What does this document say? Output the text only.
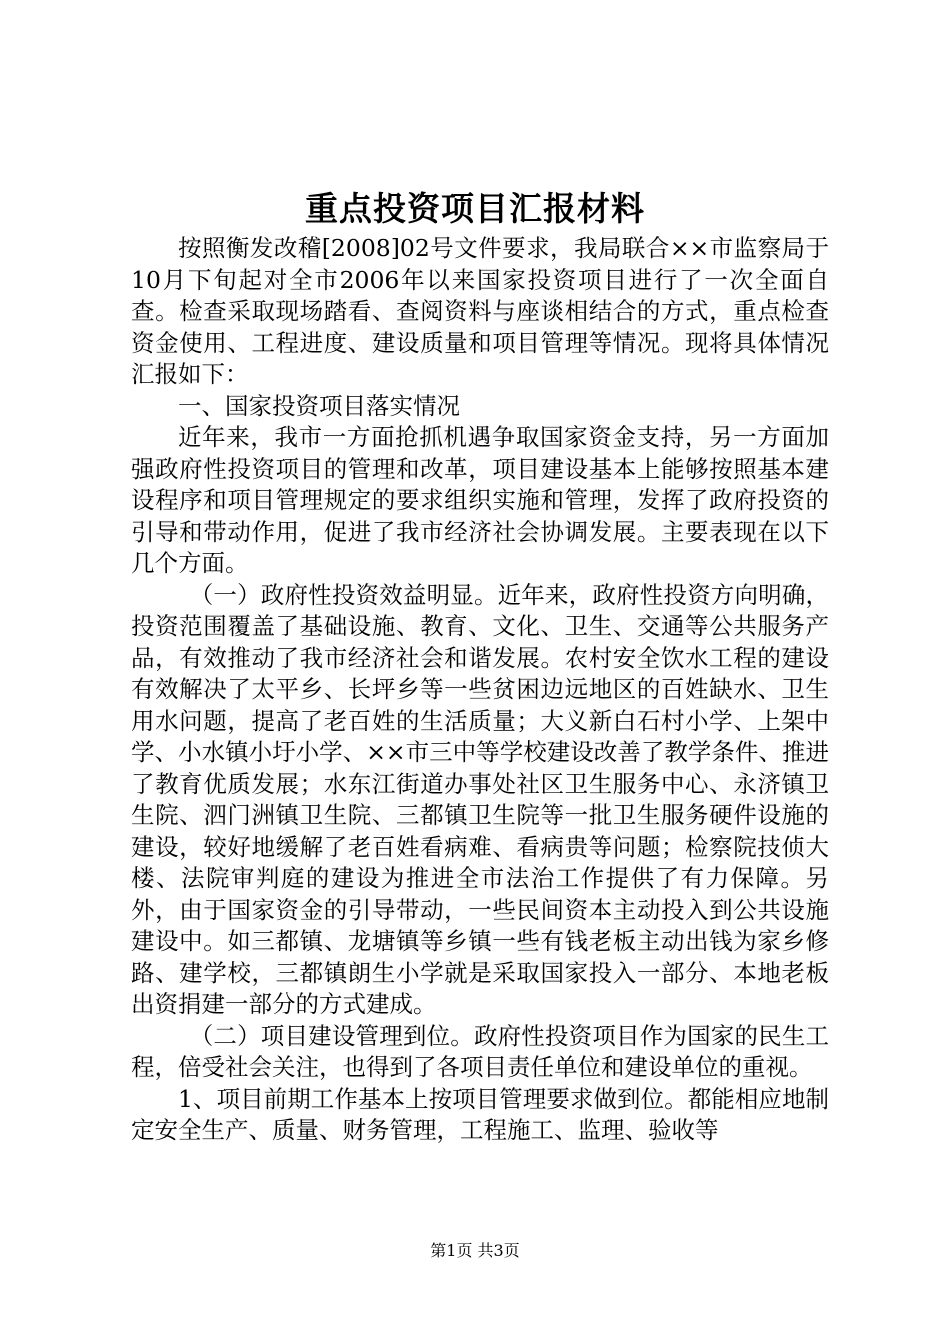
重点投资项目汇报材料

按照衡发改稽[2008]02号文件要求，我局联合××市监察局于10月下旬起对全市2006年以来国家投资项目进行了一次全面自查。检查采取现场踏看、查阅资料与座谈相结合的方式，重点检查资金使用、工程进度、建设质量和项目管理等情况。现将具体情况汇报如下：

一、国家投资项目落实情况

近年来，我市一方面抢抓机遇争取国家资金支持，另一方面加强政府性投资项目的管理和改革，项目建设基本上能够按照基本建设程序和项目管理规定的要求组织实施和管理，发挥了政府投资的引导和带动作用，促进了我市经济社会协调发展。主要表现在以下几个方面。

（一）政府性投资效益明显。近年来，政府性投资方向明确，投资范围覆盖了基础设施、教育、文化、卫生、交通等公共服务产品，有效推动了我市经济社会和谐发展。农村安全饮水工程的建设有效解决了太平乡、长坪乡等一些贫困边远地区的百姓缺水、卫生用水问题，提高了老百姓的生活质量；大义新白石村小学、上架中学、小水镇小圩小学、××市三中等学校建设改善了教学条件、推进了教育优质发展；水东江街道办事处社区卫生服务中心、永济镇卫生院、泗门洲镇卫生院、三都镇卫生院等一批卫生服务硬件设施的建设，较好地缓解了老百姓看病难、看病贵等问题；检察院技侦大楼、法院审判庭的建设为推进全市法治工作提供了有力保障。另外，由于国家资金的引导带动，一些民间资本主动投入到公共设施建设中。如三都镇、龙塘镇等乡镇一些有钱老板主动出钱为家乡修路、建学校，三都镇朗生小学就是采取国家投入一部分、本地老板出资捐建一部分的方式建成。

（二）项目建设管理到位。政府性投资项目作为国家的民生工程，倍受社会关注，也得到了各项目责任单位和建设单位的重视。

1、项目前期工作基本上按项目管理要求做到位。都能相应地制定安全生产、质量、财务管理，工程施工、监理、验收等

第1页 共3页
